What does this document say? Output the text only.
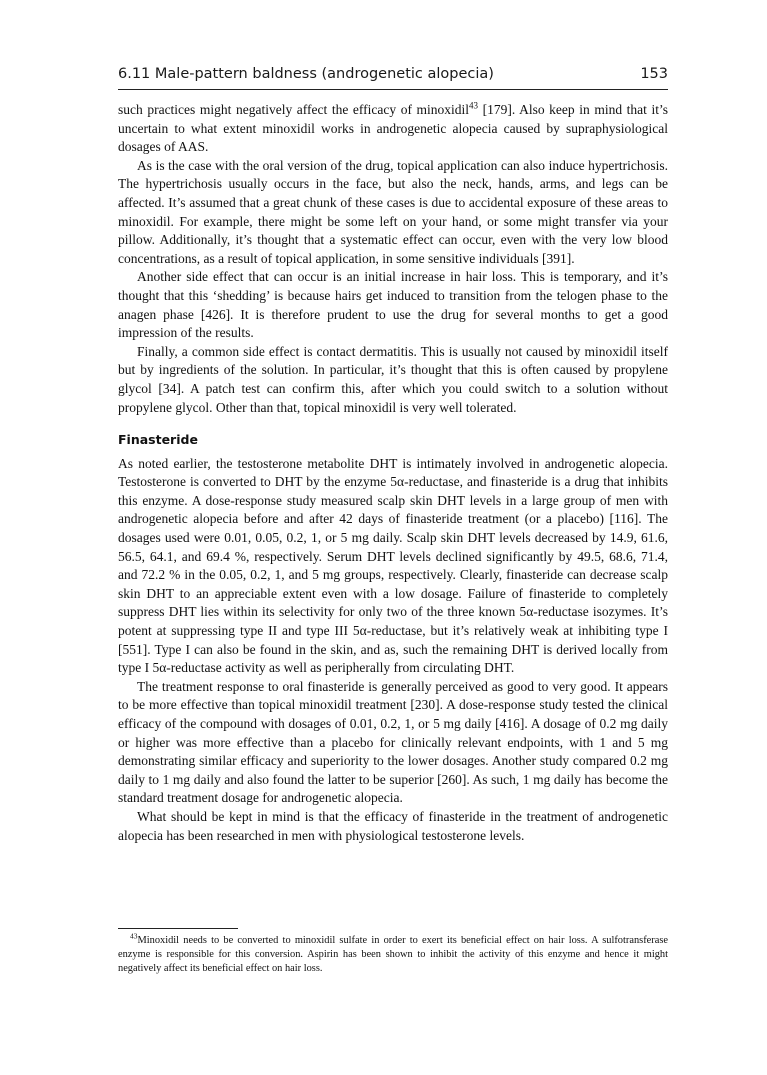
6.11 Male-pattern baldness (androgenetic alopecia)	153

such practices might negatively affect the efficacy of minoxidil$^{43}$ [179]. Also keep in mind that it’s uncertain to what extent minoxidil works in androgenetic alopecia caused by supraphysiological dosages of AAS.

As is the case with the oral version of the drug, topical application can also induce hypertrichosis. The hypertrichosis usually occurs in the face, but also the neck, hands, arms, and legs can be affected. It’s assumed that a great chunk of these cases is due to accidental exposure of these areas to minoxidil. For example, there might be some left on your hand, or some might transfer via your pillow. Additionally, it’s thought that a systematic effect can occur, even with the very low blood concentrations, as a result of topical application, in some sensitive individuals [391].

Another side effect that can occur is an initial increase in hair loss. This is temporary, and it’s thought that this ‘shedding’ is because hairs get induced to transition from the telogen phase to the anagen phase [426]. It is therefore prudent to use the drug for several months to get a good impression of the results.

Finally, a common side effect is contact dermatitis. This is usually not caused by minoxidil itself but by ingredients of the solution. In particular, it’s thought that this is often caused by propylene glycol [34]. A patch test can confirm this, after which you could switch to a solution without propylene glycol. Other than that, topical minoxidil is very well tolerated.

Finasteride

As noted earlier, the testosterone metabolite DHT is intimately involved in androgenetic alopecia. Testosterone is converted to DHT by the enzyme 5α-reductase, and finasteride is a drug that inhibits this enzyme. A dose-response study measured scalp skin DHT levels in a large group of men with androgenetic alopecia before and after 42 days of finasteride treatment (or a placebo) [116]. The dosages used were 0.01, 0.05, 0.2, 1, or 5 mg daily. Scalp skin DHT levels decreased by 14.9, 61.6, 56.5, 64.1, and 69.4 %, respectively. Serum DHT levels declined significantly by 49.5, 68.6, 71.4, and 72.2 % in the 0.05, 0.2, 1, and 5 mg groups, respectively. Clearly, finasteride can decrease scalp skin DHT to an appreciable extent even with a low dosage. Failure of finasteride to completely suppress DHT lies within its selectivity for only two of the three known 5α-reductase isozymes. It’s potent at suppressing type II and type III 5α-reductase, but it’s relatively weak at inhibiting type I [551]. Type I can also be found in the skin, and as, such the remaining DHT is derived locally from type I 5α-reductase activity as well as peripherally from circulating DHT.

The treatment response to oral finasteride is generally perceived as good to very good. It appears to be more effective than topical minoxidil treatment [230]. A dose-response study tested the clinical efficacy of the compound with dosages of 0.01, 0.2, 1, or 5 mg daily [416]. A dosage of 0.2 mg daily or higher was more effective than a placebo for clinically relevant endpoints, with 1 and 5 mg demonstrating similar efficacy and superiority to the lower dosages. Another study compared 0.2 mg daily to 1 mg daily and also found the latter to be superior [260]. As such, 1 mg daily has become the standard treatment dosage for androgenetic alopecia.

What should be kept in mind is that the efficacy of finasteride in the treatment of androgenetic alopecia has been researched in men with physiological testosterone levels.

$^{43}$Minoxidil needs to be converted to minoxidil sulfate in order to exert its beneficial effect on hair loss. A sulfotransferase enzyme is responsible for this conversion. Aspirin has been shown to inhibit the activity of this enzyme and hence it might negatively affect its beneficial effect on hair loss.
